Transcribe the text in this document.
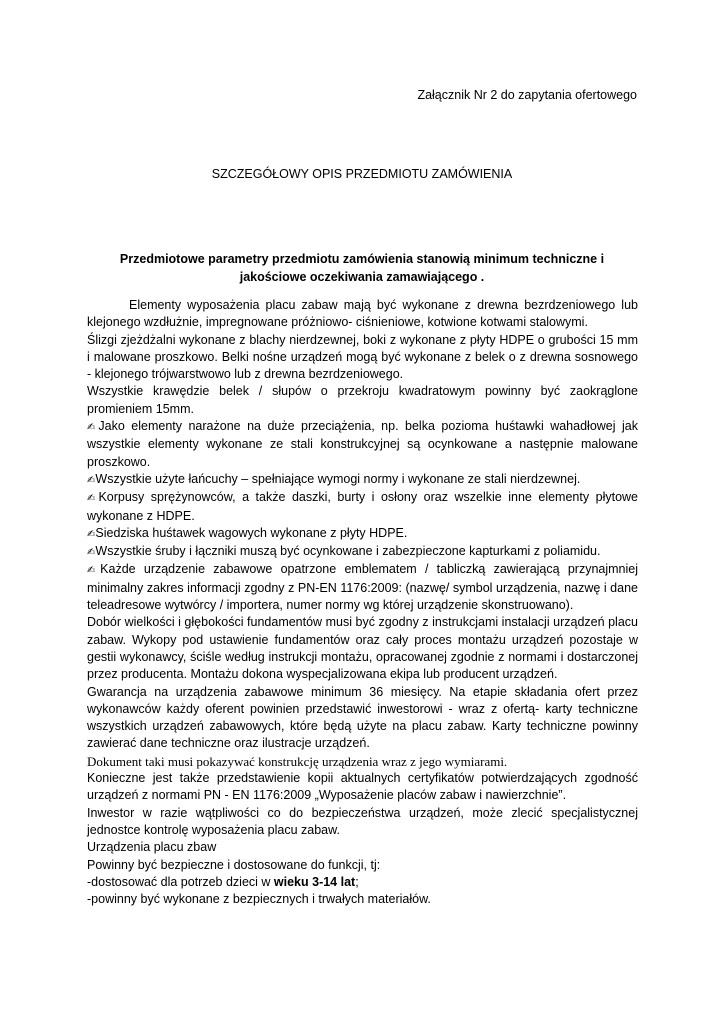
Załącznik Nr 2 do zapytania ofertowego
SZCZEGÓŁOWY OPIS PRZEDMIOTU ZAMÓWIENIA
Przedmiotowe parametry przedmiotu zamówienia stanowią minimum techniczne i jakościowe oczekiwania zamawiającego .

Elementy wyposażenia placu zabaw mają być wykonane z drewna bezrdzeniowego lub klejonego wzdłużnie, impregnowane próżniowo- ciśnieniowe, kotwione kotwami stalowymi.

Ślizgi zjeżdżalni wykonane z blachy nierdzewnej, boki z wykonane z płyty HDPE o grubości 15 mm i malowane proszkowo. Belki nośne urządzeń mogą być wykonane z belek o z drewna sosnowego - klejonego trójwarstwowo lub z drewna bezrdzeniowego.

Wszystkie krawędzie belek / słupów o przekroju kwadratowym powinny być zaokrąglone promieniem 15mm.

✍Jako elementy narażone na duże przeciążenia, np. belka pozioma huśtawki wahadłowej jak wszystkie elementy wykonane ze stali konstrukcyjnej są ocynkowane a następnie malowane proszkowo.

✍Wszystkie użyte łańcuchy – spełniające wymogi normy i wykonane ze stali nierdzewnej.

✍Korpusy sprężynowców, a także daszki, burty i osłony oraz wszelkie inne elementy płytowe wykonane z HDPE.

✍Siedziska huśtawek wagowych wykonane z płyty HDPE.

✍Wszystkie śruby i łączniki muszą być ocynkowane i zabezpieczone kapturkami z poliamidu.

✍Każde urządzenie zabawowe opatrzone emblematem / tabliczką zawierającą przynajmniej minimalny zakres informacji zgodny z PN-EN 1176:2009: (nazwę/ symbol urządzenia, nazwę i dane teleadresowe wytwórcy / importera, numer normy wg której urządzenie skonstruowano).

Dobór wielkości i głębokości fundamentów musi być zgodny z instrukcjami instalacji urządzeń placu zabaw. Wykopy pod ustawienie fundamentów oraz cały proces montażu urządzeń pozostaje w gestii wykonawcy, ściśle według instrukcji montażu, opracowanej zgodnie z normami i dostarczonej przez producenta. Montażu dokona wyspecjalizowana ekipa lub producent urządzeń.

Gwarancja na urządzenia zabawowe minimum 36 miesięcy. Na etapie składania ofert przez wykonawców każdy oferent powinien przedstawić inwestorowi - wraz z ofertą- karty techniczne wszystkich urządzeń zabawowych, które będą użyte na placu zabaw. Karty techniczne powinny zawierać dane techniczne oraz ilustracje urządzeń.

Dokument taki musi pokazywać konstrukcję urządzenia wraz z jego wymiarami.

Konieczne jest także przedstawienie kopii aktualnych certyfikatów potwierdzających zgodność urządzeń z normami PN - EN 1176:2009 „Wyposażenie placów zabaw i nawierzchnie”.

Inwestor w razie wątpliwości co do bezpieczeństwa urządzeń, może zlecić specjalistycznej jednostce kontrolę wyposażenia placu zabaw.

Urządzenia placu zbaw

Powinny być bezpieczne i dostosowane do funkcji, tj:

-dostosować dla potrzeb dzieci w wieku 3-14 lat;

-powinny być wykonane z bezpiecznych i trwałych materiałów.
